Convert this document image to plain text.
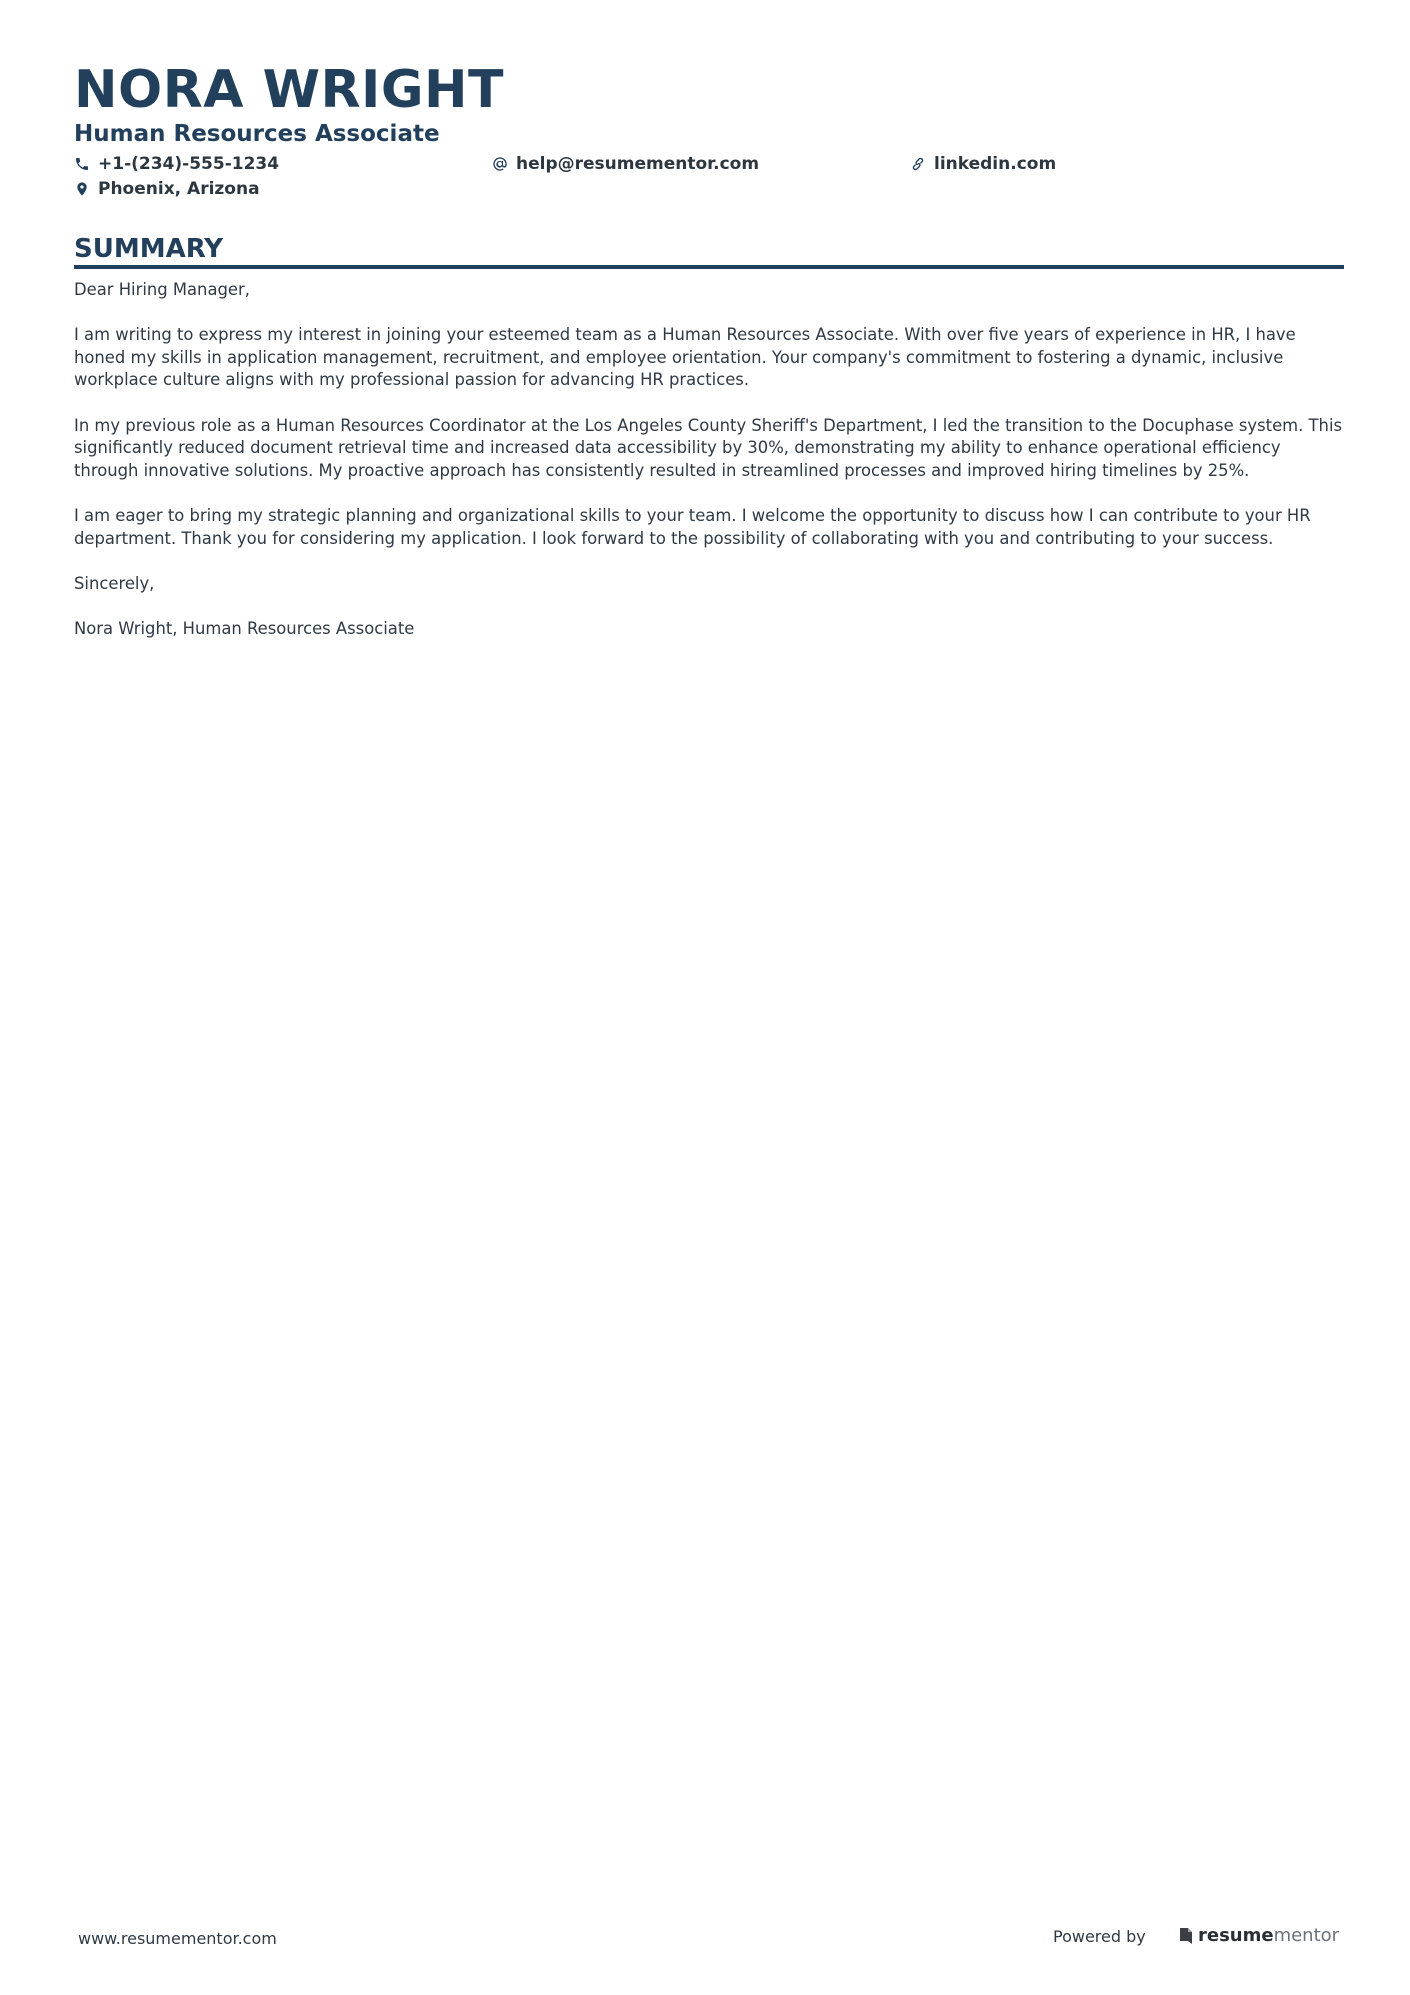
NORA WRIGHT
Human Resources Associate
+1-(234)-555-1234	help@resumementor.com	linkedin.com
Phoenix, Arizona
SUMMARY

Dear Hiring Manager,

I am writing to express my interest in joining your esteemed team as a Human Resources Associate. With over five years of experience in HR, I have honed my skills in application management, recruitment, and employee orientation. Your company's commitment to fostering a dynamic, inclusive workplace culture aligns with my professional passion for advancing HR practices.

In my previous role as a Human Resources Coordinator at the Los Angeles County Sheriff's Department, I led the transition to the Docuphase system. This significantly reduced document retrieval time and increased data accessibility by 30%, demonstrating my ability to enhance operational efficiency through innovative solutions. My proactive approach has consistently resulted in streamlined processes and improved hiring timelines by 25%.

I am eager to bring my strategic planning and organizational skills to your team. I welcome the opportunity to discuss how I can contribute to your HR department. Thank you for considering my application. I look forward to the possibility of collaborating with you and contributing to your success.

Sincerely,

Nora Wright, Human Resources Associate

www.resumementor.com	Powered by	resume mentor
